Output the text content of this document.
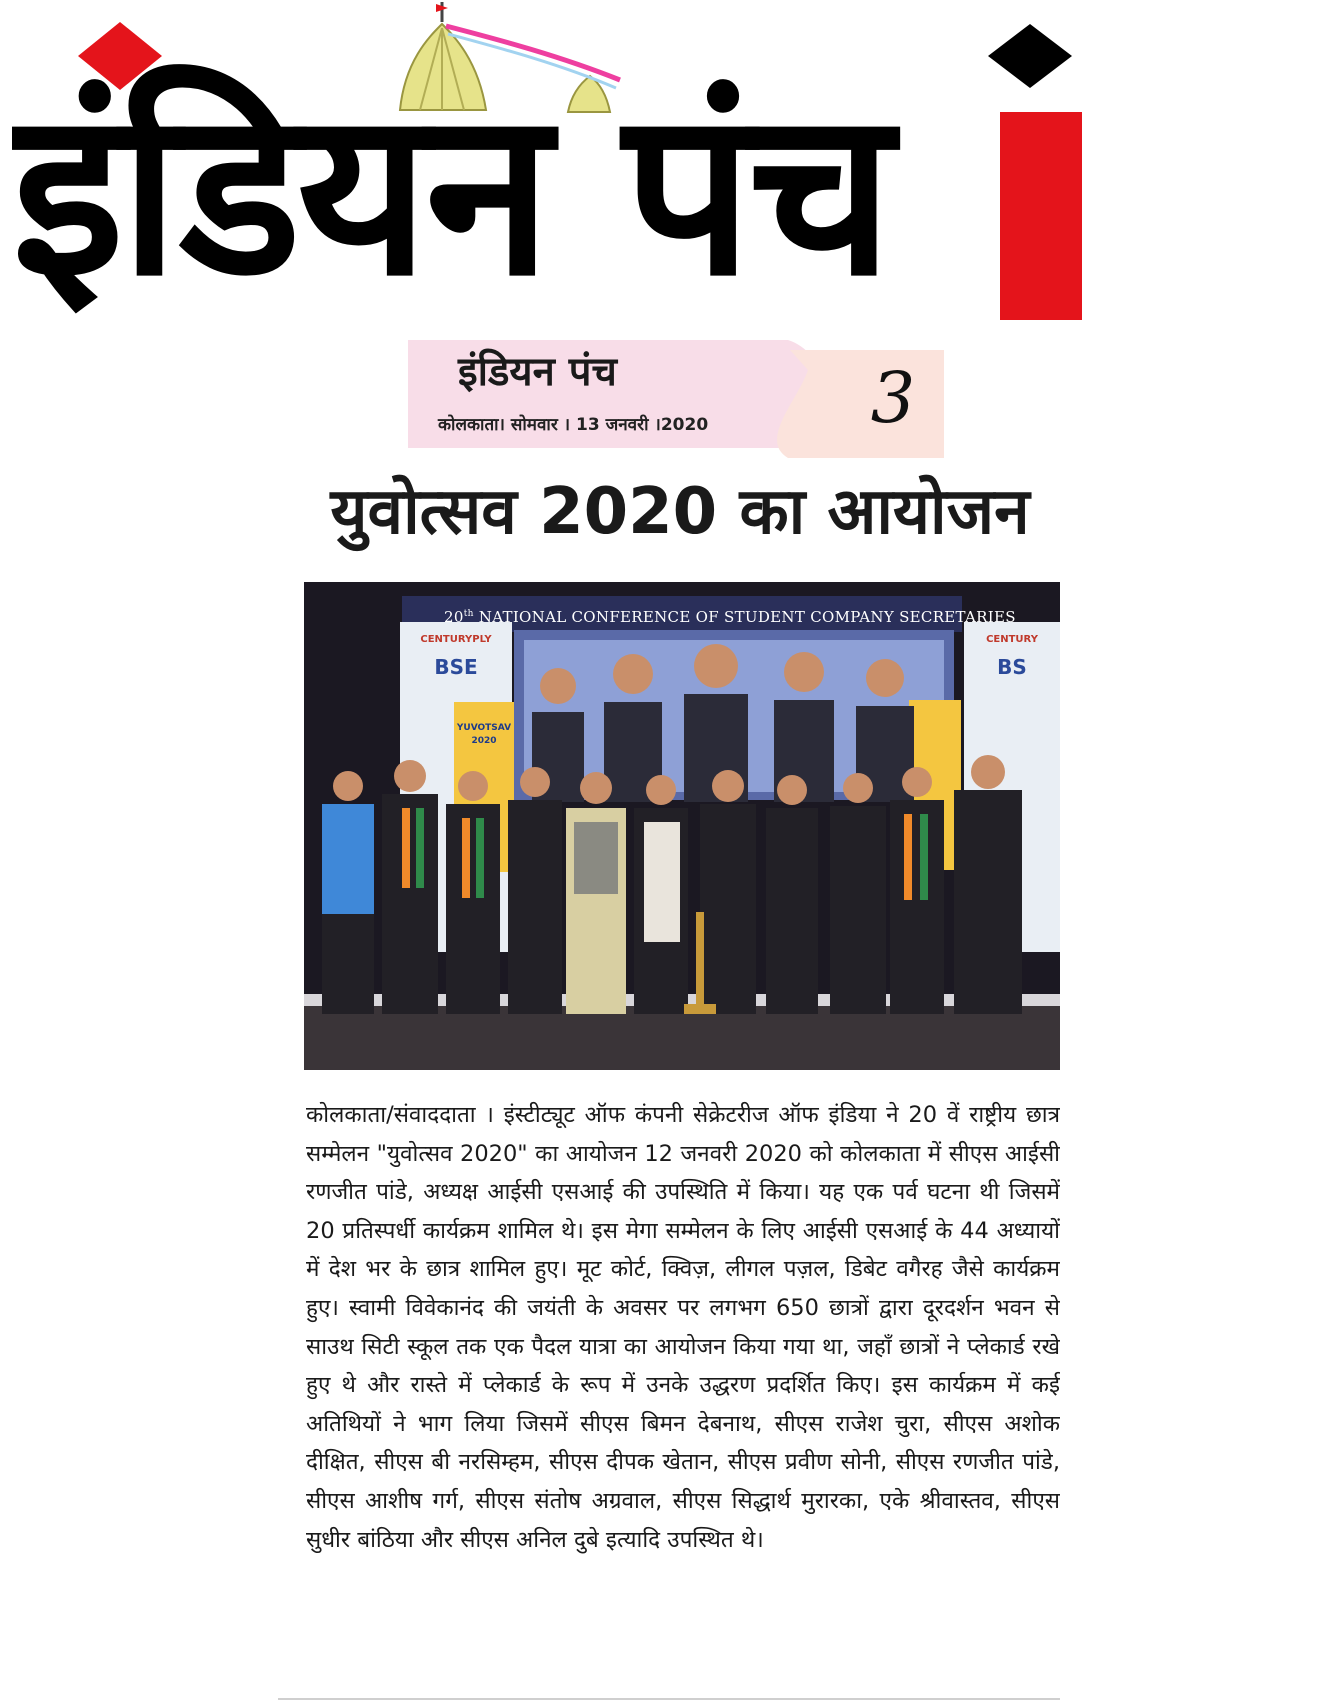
इंडियन पंच
इंडियन पंच
कोलकाता। सोमवार । 13 जनवरी ।2020	3
युवोत्सव 2020 का आयोजन
20th NATIONAL CONFERENCE OF STUDENT COMPANY SECRETARIES
CENTURYPLY
BSE
CENTURY
BS
YUVOTSAV 2020

कोलकाता/संवाददाता । इंस्टीट्यूट ऑफ कंपनी सेक्रेटरीज ऑफ इंडिया ने 20 वें राष्ट्रीय छात्र सम्मेलन "युवोत्सव 2020" का आयोजन 12 जनवरी 2020 को कोलकाता में सीएस आईसी रणजीत पांडे, अध्यक्ष आईसी एसआई की उपस्थिति में किया। यह एक पर्व घटना थी जिसमें 20 प्रतिस्पर्धी कार्यक्रम शामिल थे। इस मेगा सम्मेलन के लिए आईसी एसआई के 44 अध्यायों में देश भर के छात्र शामिल हुए। मूट कोर्ट, क्विज़, लीगल पज़ल, डिबेट वगैरह जैसे कार्यक्रम हुए। स्वामी विवेकानंद की जयंती के अवसर पर लगभग 650 छात्रों द्वारा दूरदर्शन भवन से साउथ सिटी स्कूल तक एक पैदल यात्रा का आयोजन किया गया था, जहाँ छात्रों ने प्लेकार्ड रखे हुए थे और रास्ते में प्लेकार्ड के रूप में उनके उद्धरण प्रदर्शित किए। इस कार्यक्रम में कई अतिथियों ने भाग लिया जिसमें सीएस बिमन देबनाथ, सीएस राजेश चुरा, सीएस अशोक दीक्षित, सीएस बी नरसिम्हम, सीएस दीपक खेतान, सीएस प्रवीण सोनी, सीएस रणजीत पांडे, सीएस आशीष गर्ग, सीएस संतोष अग्रवाल, सीएस सिद्धार्थ मुरारका, एके श्रीवास्तव, सीएस सुधीर बांठिया और सीएस अनिल दुबे इत्यादि उपस्थित थे।
